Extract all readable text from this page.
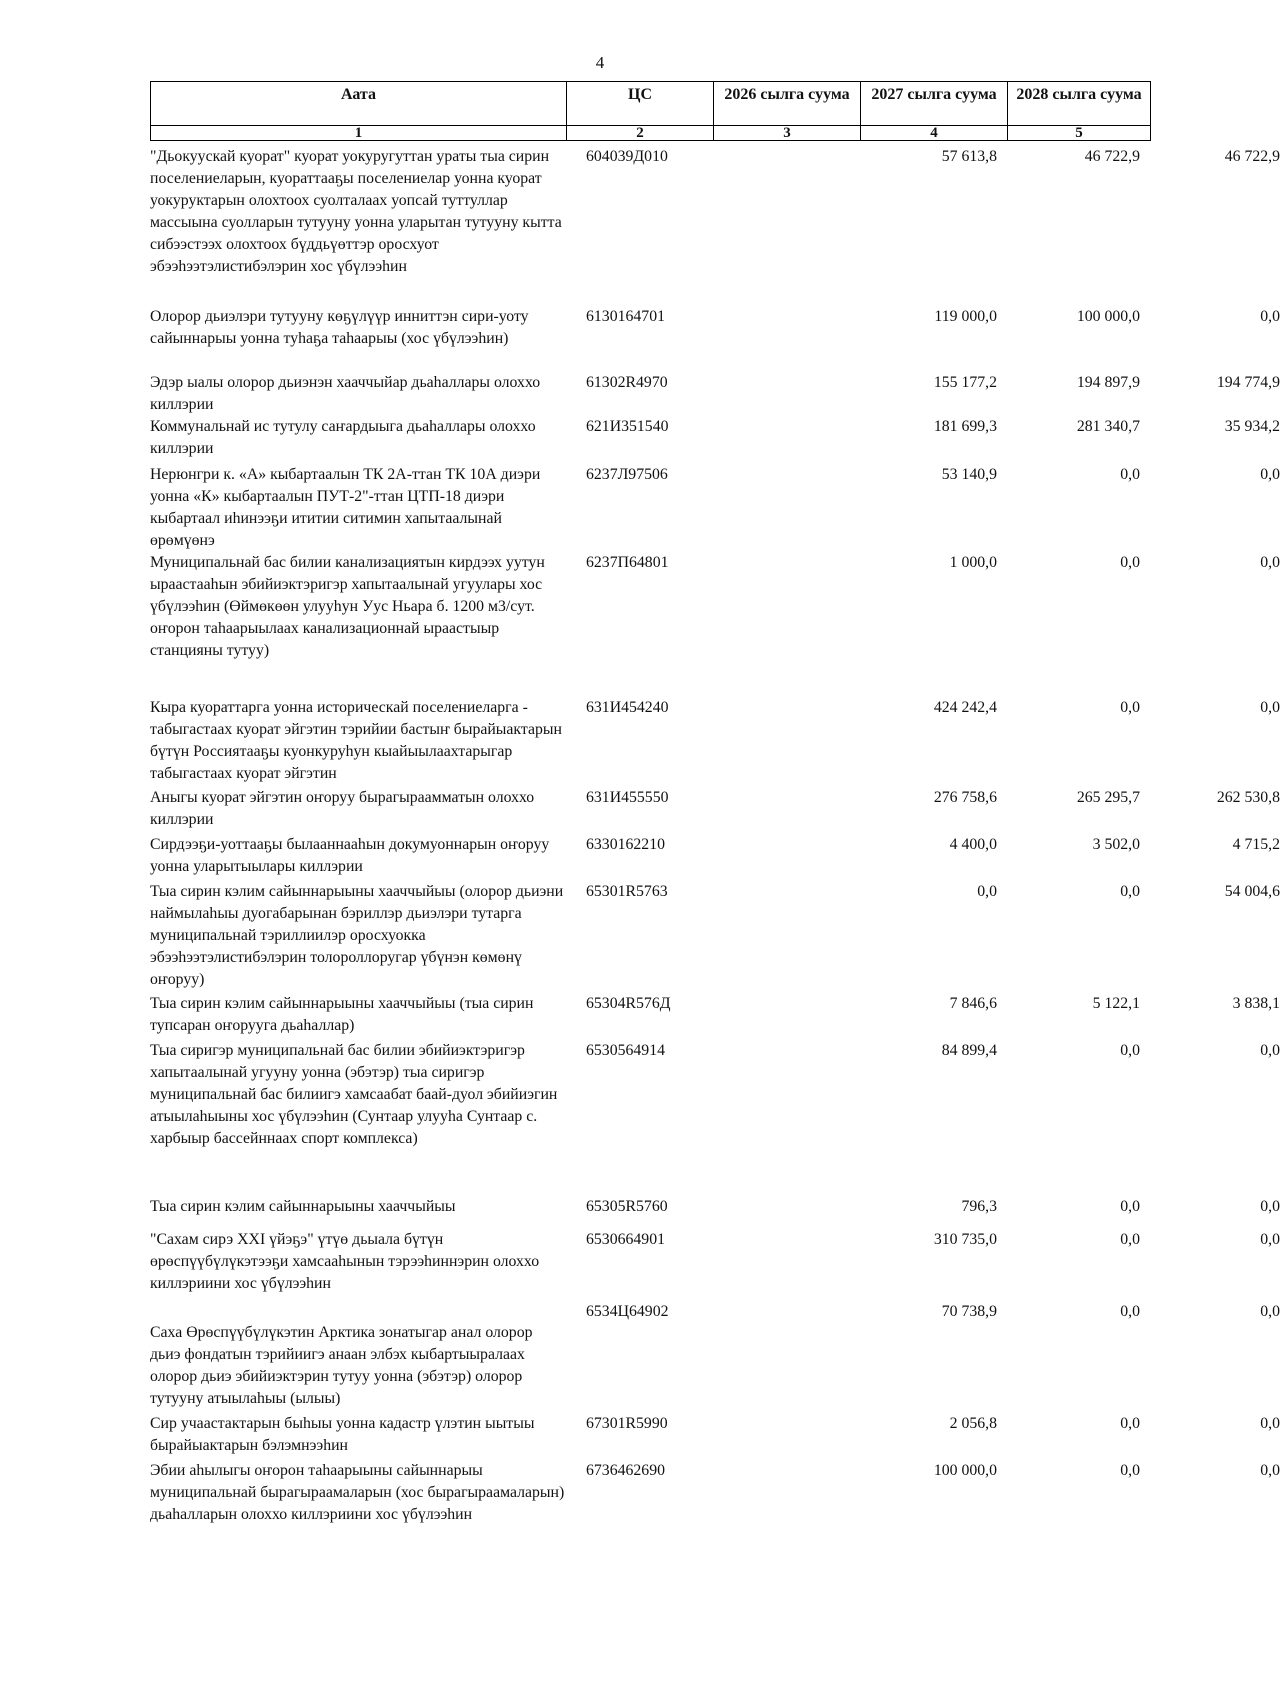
4
Аата	ЦС	2026 сылга суума	2027 сылга суума	2028 сылга суума
1	2	3	4	5
"Дьокуускай куорат" куорат уокуругуттан ураты тыа сирин поселениеларын, куораттааҕы поселениелар уонна куорат уокуруктарын олохтоох суолталаах уопсай туттуллар массыына суолларын тутууну уонна уларытан тутууну кытта сибээстээх олохтоох бүддьүөттэр оросхуот эбээһээтэлистибэлэрин хос үбүлээһин
604039Д010	57 613,8	46 722,9	46 722,9
Олорор дьиэлэри тутууну көҕүлүүр инниттэн сири-уоту сайыннарыы уонна туһаҕа таһаарыы (хос үбүлээһин)
6130164701	119 000,0	100 000,0	0,0
Эдэр ыалы олорор дьиэнэн хааччыйар дьаһаллары олоххо киллэрии
61302R4970	155 177,2	194 897,9	194 774,9
Коммунальнай ис тутулу саҥардыыга дьаһаллары олоххо киллэрии
621И351540	181 699,3	281 340,7	35 934,2
Нерюнгри к. «А» кыбартаалын ТК 2А-ттан ТК 10А диэри уонна «К» кыбартаалын ПУТ-2"-ттан ЦТП-18 диэри кыбартаал иһинээҕи ититии ситимин хапытаалынай өрөмүөнэ
6237Л97506	53 140,9	0,0	0,0
Муниципальнай бас билии канализациятын кирдээх уутун ыраастааһын эбийиэктэригэр хапытаалынай угуулары хос үбүлээһин (Өймөкөөн улууһун Уус Ньара б. 1200 м3/сут. оҥорон таһаарыылаах канализационнай ыраастыыр станцияны тутуу)
6237П64801	1 000,0	0,0	0,0
Кыра куораттарга уонна историческай поселениеларга - табыгастаах куорат эйгэтин тэрийии бастыҥ бырайыактарын бүтүн Россиятааҕы куонкуруһун кыайыылаахтарыгар табыгастаах куорат эйгэтин
631И454240	424 242,4	0,0	0,0
Аныгы куорат эйгэтин оҥоруу бырагыраамматын олоххо киллэрии
631И455550	276 758,6	265 295,7	262 530,8
Сирдээҕи-уоттааҕы былааннааһын докумуоннарын оҥоруу уонна уларытыылары киллэрии
6330162210	4 400,0	3 502,0	4 715,2
Тыа сирин кэлим сайыннарыыны хааччыйыы (олорор дьиэни наймылаһыы дуогабарынан бэриллэр дьиэлэри тутарга муниципальнай тэриллиилэр оросхуокка эбээһээтэлистибэлэрин толороллоругар үбүнэн көмөнү оҥоруу)
65301R5763	0,0	0,0	54 004,6
Тыа сирин кэлим сайыннарыыны хааччыйыы (тыа сирин тупсаран оҥорууга дьаһаллар)
65304R576Д	7 846,6	5 122,1	3 838,1
Тыа сиригэр муниципальнай бас билии эбийиэктэригэр хапытаалынай угууну уонна (эбэтэр) тыа сиригэр муниципальнай бас билиигэ хамсаабат баай-дуол эбийиэгин атыылаһыыны хос үбүлээһин (Сунтаар улууһа Сунтаар с. харбыыр бассейннаах спорт комплекса)
6530564914	84 899,4	0,0	0,0
Тыа сирин кэлим сайыннарыыны хааччыйыы	65305R5760	796,3	0,0	0,0
"Сахам сирэ XXI үйэҕэ" үтүө дьыала бүтүн өрөспүүбүлүкэтээҕи хамсааһынын тэрээһиннэрин олоххо киллэриини хос үбүлээһин
6530664901	310 735,0	0,0	0,0
Саха Өрөспүүбүлүкэтин Арктика зонатыгар анал олорор дьиэ фондатын тэрийиигэ анаан элбэх кыбартыыралаах олорор дьиэ эбийиэктэрин тутуу уонна (эбэтэр) олорор тутууну атыылаһыы (ылыы)
6534Ц64902	70 738,9	0,0	0,0
Сир учаастактарын быһыы уонна кадастр үлэтин ыытыы бырайыактарын бэлэмнээһин
67301R5990	2 056,8	0,0	0,0
Эбии аһылыгы оҥорон таһаарыыны сайыннарыы муниципальнай бырагыраамаларын (хос бырагыраамаларын) дьаһалларын олоххо киллэриини хос үбүлээһин
6736462690	100 000,0	0,0	0,0
